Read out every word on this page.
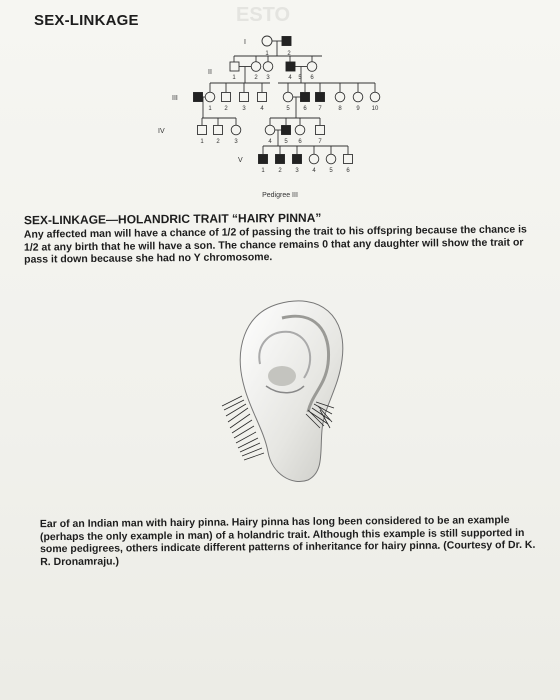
ESTO
SEX-LINKAGE
I
II
III
IV
V
1	2
1	2 3	4 5 6
1 2 3 4	5 6 7	8 9 10
1 2 3	4 5 6	7
1 2 3 4 5 6
Pedigree III
SEX-LINKAGE—HOLANDRIC TRAIT “HAIRY PINNA”
Any affected man will have a chance of 1/2 of passing the trait to his offspring because the chance is 1/2 at any birth that he will have a son. The chance remains 0 that any daughter will show the trait or pass it down because she had no Y chromosome.
Ear of an Indian man with hairy pinna. Hairy pinna has long been considered to be an example (perhaps the only example in man) of a holandric trait. Although this example is still supported in some pedigrees, others indicate different patterns of inheritance for hairy pinna. (Courtesy of Dr. K. R. Dronamraju.)
